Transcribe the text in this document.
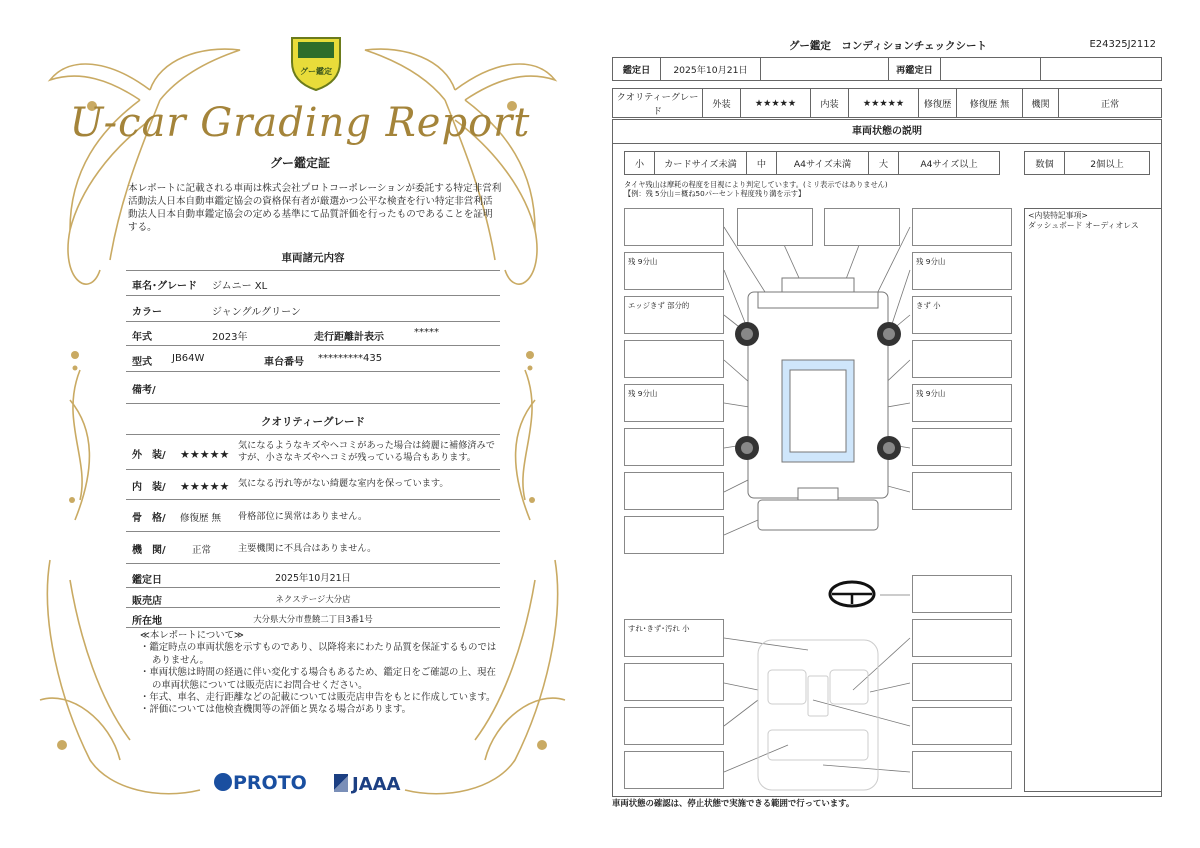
グー鑑定
U-car Grading Report
グー鑑定証
本レポートに記載される車両は株式会社プロトコーポレーションが委託する特定非営利活動法人日本自動車鑑定協会の資格保有者が厳選かつ公平な検査を行い特定非営利活動法人日本自動車鑑定協会の定める基準にて品質評価を行ったものであることを証明する。
車両諸元内容
車名･グレード ジムニー XL
カラー	ジャングルグリーン
年式	2023年	走行距離計表示	*****
型式 JB64W	車台番号 *********435
備考/
クオリティーグレード
外　装/ ★★★★★
気になるようなキズやヘコミがあった場合は綺麗に補修済みですが、小さなキズやヘコミが残っている場合もあります。
内　装/ ★★★★★ 気になる汚れ等がない綺麗な室内を保っています。
骨　格/ 修復歴 無 骨格部位に異常はありません。
機　関/	正常	主要機関に不具合はありません。
鑑定日	2025年10月21日
販売店	ネクステージ大分店
所在地	大分県大分市豊饒二丁目3番1号
≪本レポートについて≫
・鑑定時点の車両状態を示すものであり、以降将来にわたり品質を保証するものではありません。
・車両状態は時間の経過に伴い変化する場合もあるため、鑑定日をご確認の上、現在の車両状態については販売店にお問合せください。
・年式、車名、走行距離などの記載については販売店申告をもとに作成しています。
・評価については他検査機関等の評価と異なる場合があります。
PROTO	JAAA
グー鑑定　コンディションチェックシート	E24325J2112
鑑定日	2025年10月21日		再鑑定日		
クオリティーグレード	外装	★★★★★	内装	★★★★★	修復歴	修復歴 無	機関	正常
車両状態の説明
小	カードサイズ未満	中	A4サイズ未満	大	A4サイズ以上	数個	2個以上
タイヤ残山は摩耗の程度を目視により判定しています。(ミリ表示ではありません)
【例：残 5分山＝概ね50パーセント程度残り溝を示す】
残 9分山
エッジきず 部分的
残 9分山
すれ･きず･汚れ 小
残 9分山
きず 小
残 9分山
<内装特記事項>
ダッシュボード オーディオレス
車両状態の確認は、停止状態で実施できる範囲で行っています。
